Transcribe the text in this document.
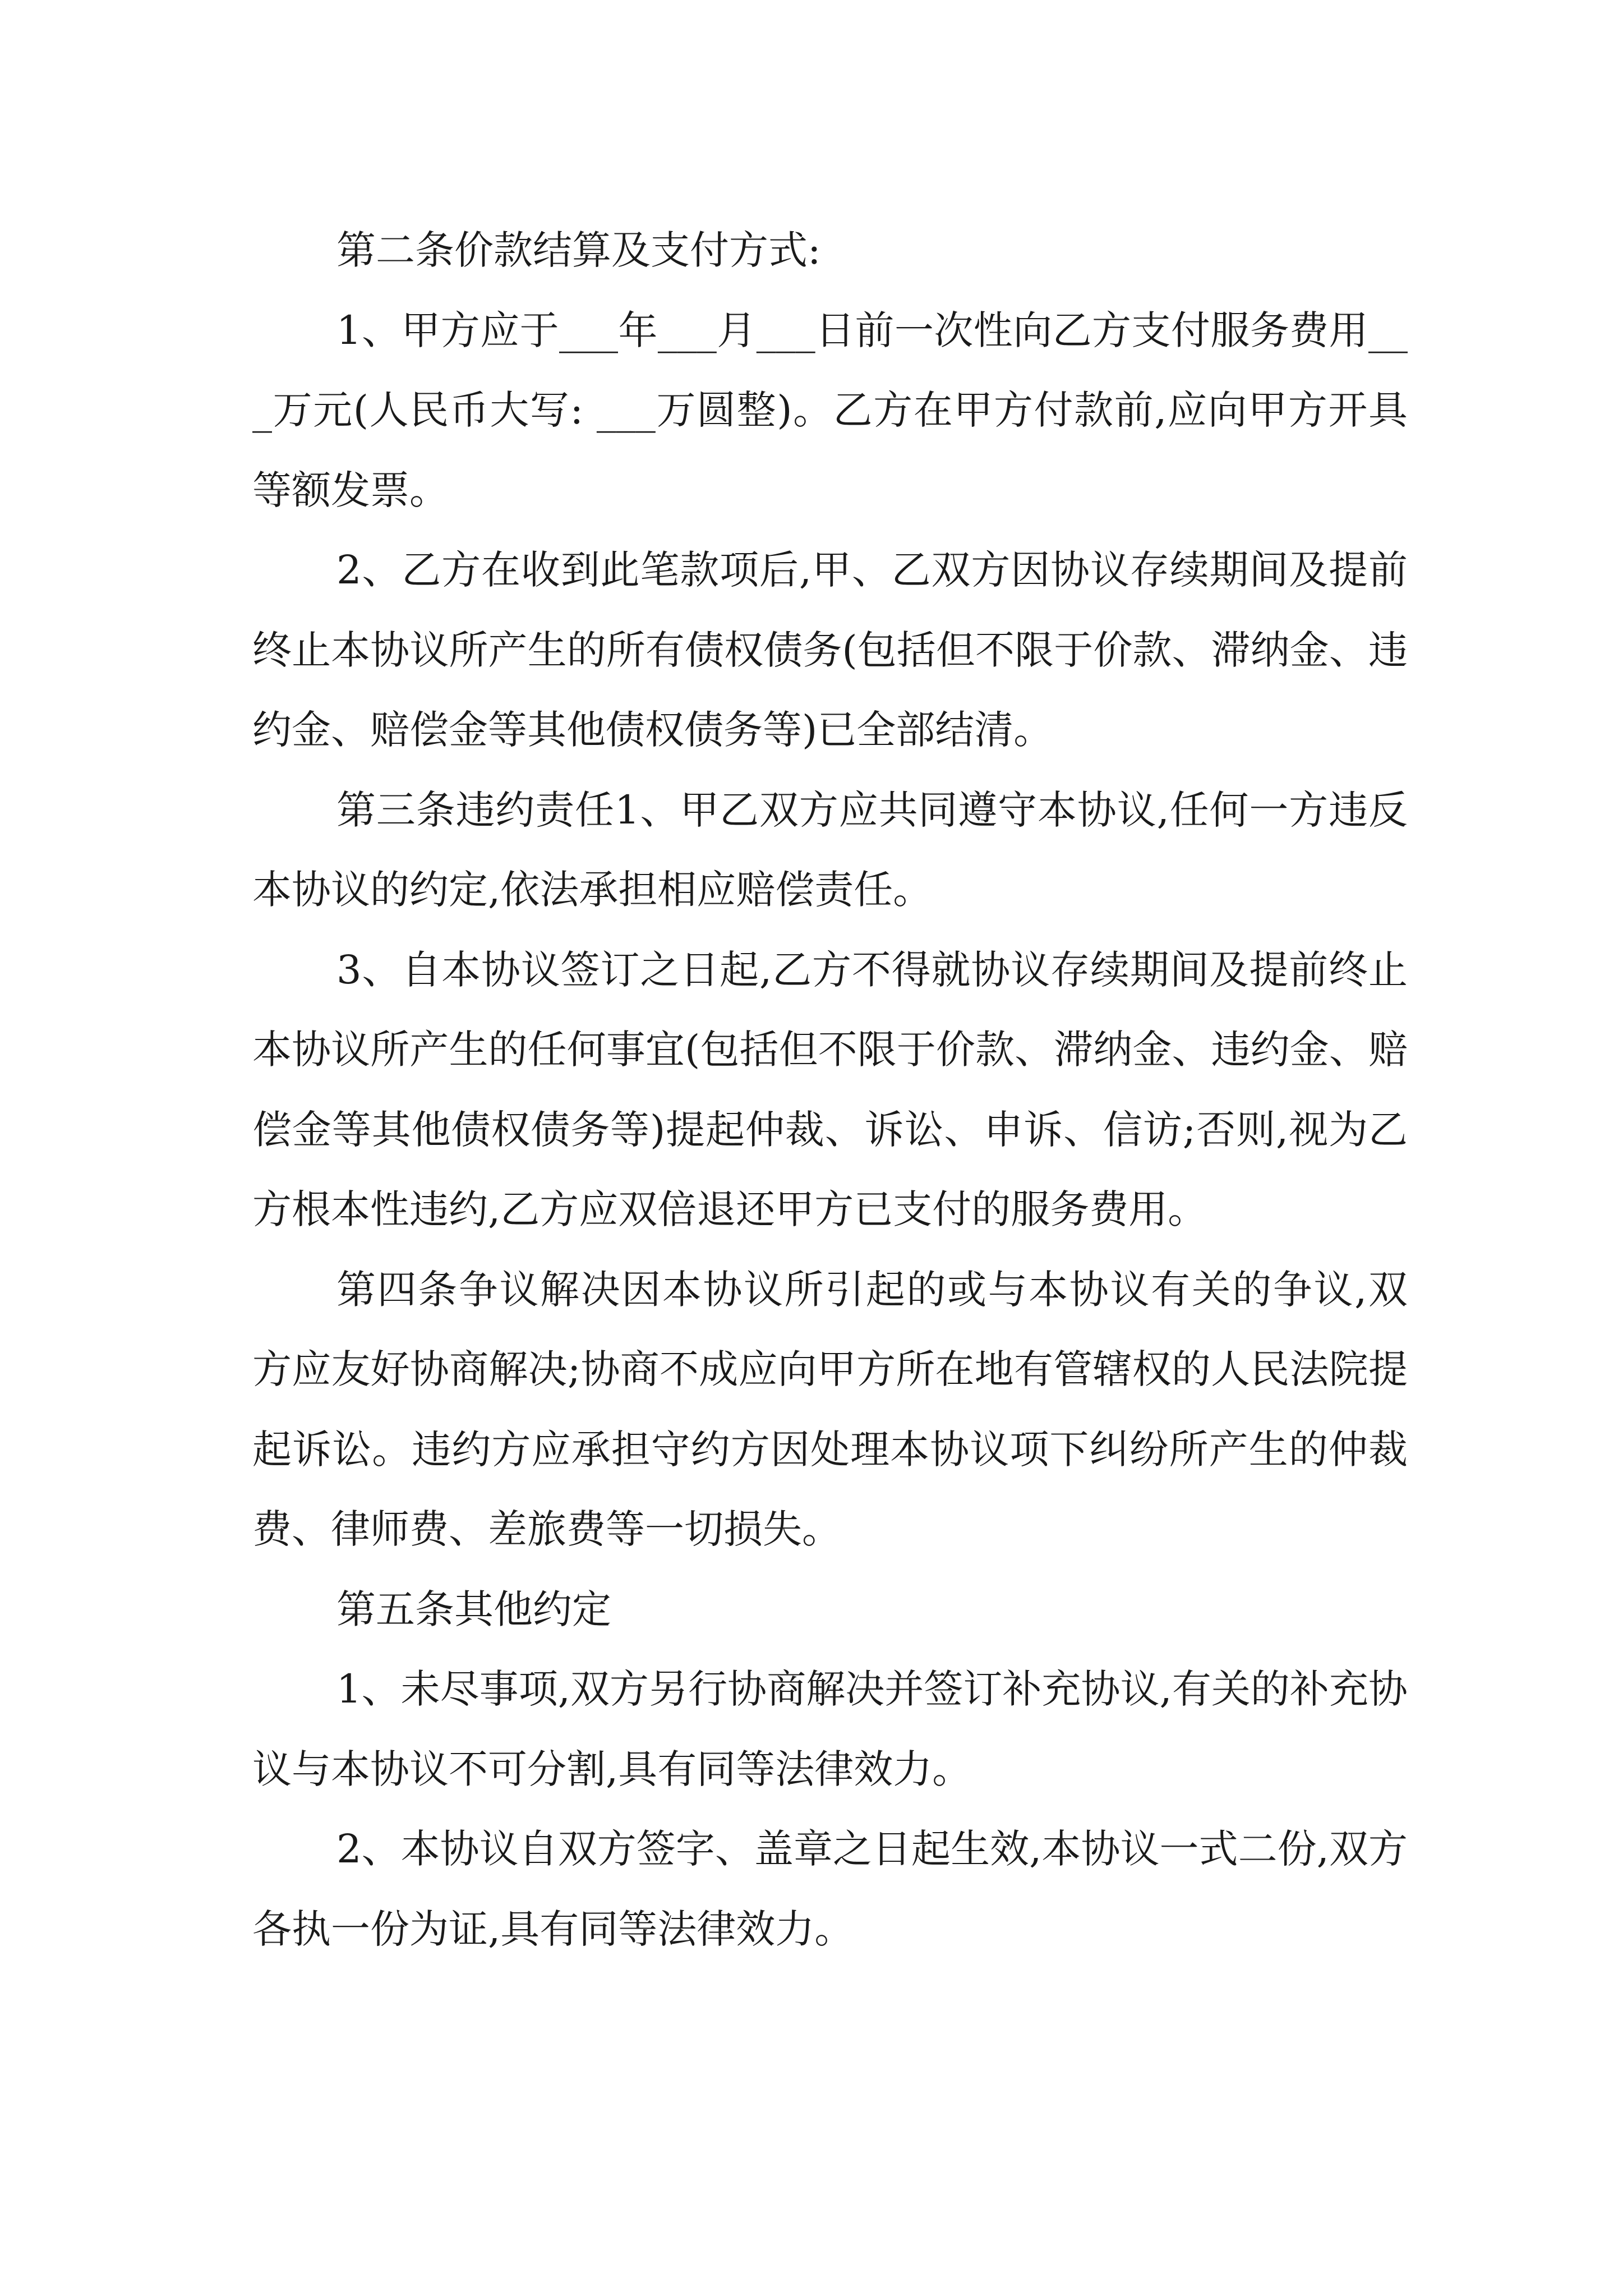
第二条价款结算及支付方式:

1、甲方应于___年___月___日前一次性向乙方支付服务费用___万元(人民币大写: ___万圆整)。乙方在甲方付款前,应向甲方开具等额发票。

2、乙方在收到此笔款项后,甲、乙双方因协议存续期间及提前终止本协议所产生的所有债权债务(包括但不限于价款、滞纳金、违约金、赔偿金等其他债权债务等)已全部结清。

第三条违约责任1、甲乙双方应共同遵守本协议,任何一方违反本协议的约定,依法承担相应赔偿责任。

3、自本协议签订之日起,乙方不得就协议存续期间及提前终止本协议所产生的任何事宜(包括但不限于价款、滞纳金、违约金、赔偿金等其他债权债务等)提起仲裁、诉讼、申诉、信访;否则,视为乙方根本性违约,乙方应双倍退还甲方已支付的服务费用。

第四条争议解决因本协议所引起的或与本协议有关的争议,双方应友好协商解决;协商不成应向甲方所在地有管辖权的人民法院提起诉讼。违约方应承担守约方因处理本协议项下纠纷所产生的仲裁费、律师费、差旅费等一切损失。

第五条其他约定

1、未尽事项,双方另行协商解决并签订补充协议,有关的补充协议与本协议不可分割,具有同等法律效力。

2、本协议自双方签字、盖章之日起生效,本协议一式二份,双方各执一份为证,具有同等法律效力。
